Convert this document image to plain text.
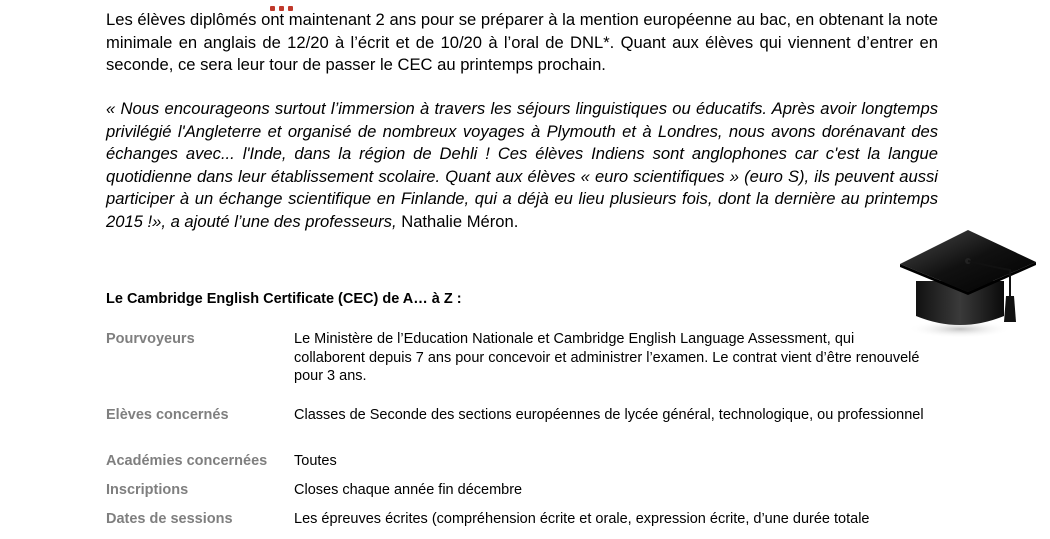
Les élèves diplômés ont maintenant 2 ans pour se préparer à la mention européenne au bac, en obtenant la note minimale en anglais de 12/20 à l’écrit et de 10/20 à l’oral de DNL*. Quant aux élèves qui viennent d’entrer en seconde, ce sera leur tour de passer le CEC au printemps prochain.

« Nous encourageons surtout l’immersion à travers les séjours linguistiques ou éducatifs. Après avoir longtemps privilégié l'Angleterre et organisé de nombreux voyages à Plymouth et à Londres, nous avons dorénavant des échanges avec... l'Inde, dans la région de Dehli ! Ces élèves Indiens sont anglophones car c'est la langue quotidienne dans leur établissement scolaire. Quant aux élèves « euro scientifiques » (euro S), ils peuvent aussi participer à un échange scientifique en Finlande, qui a déjà eu lieu plusieurs fois, dont la dernière au printemps 2015 !», a ajouté l’une des professeurs, Nathalie Méron.

Le Cambridge English Certificate (CEC) de A… à Z :

Pourvoyeurs	Le Ministère de l’Education Nationale et Cambridge English Language Assessment, qui collaborent depuis 7 ans pour concevoir et administrer l’examen. Le contrat vient d’être renouvelé pour 3 ans.
Elèves concernés	Classes de Seconde des sections européennes de lycée général, technologique, ou professionnel
Académies concernées	Toutes
Inscriptions	Closes chaque année fin décembre
Dates de sessions	Les épreuves écrites (compréhension écrite et orale, expression écrite, d’une durée totale
